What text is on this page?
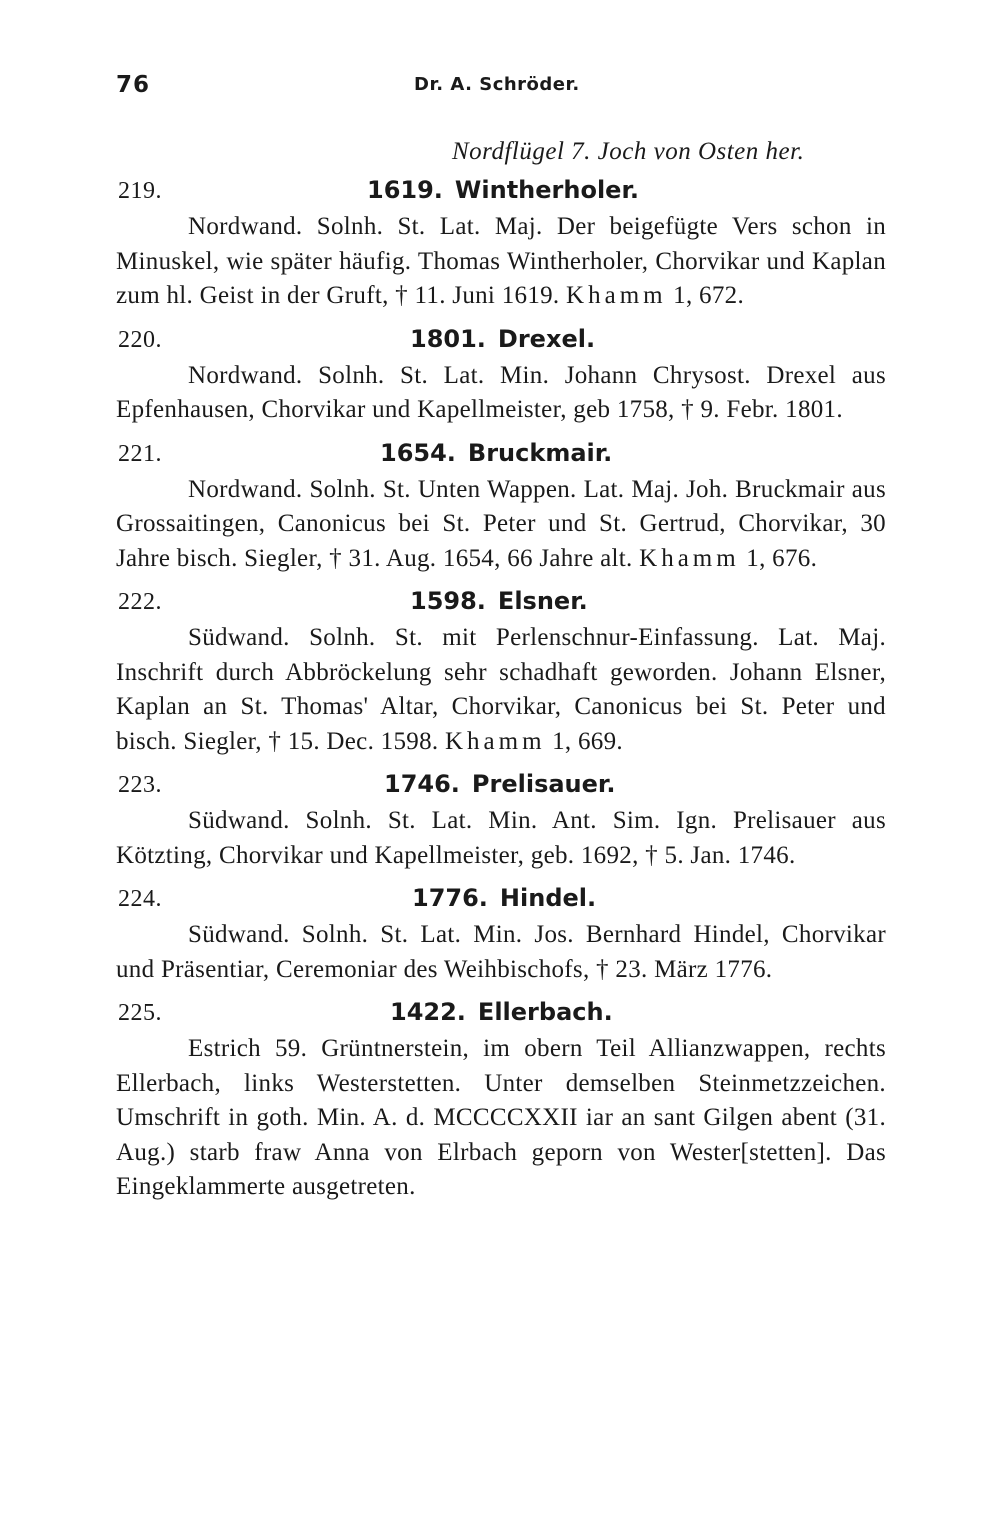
76	Dr. A. Schröder.
Nordflügel 7. Joch von Osten her.
219.	1619. Wintherholer.

Nordwand. Solnh. St. Lat. Maj. Der beigefügte Vers schon in Minuskel, wie später häufig. Thomas Wintherholer, Chorvikar und Kaplan zum hl. Geist in der Gruft, † 11. Juni 1619. Khamm 1, 672.

220.	1801. Drexel.

Nordwand. Solnh. St. Lat. Min. Johann Chrysost. Drexel aus Epfenhausen, Chorvikar und Kapellmeister, geb 1758, † 9. Febr. 1801.

221.	1654. Bruckmair.

Nordwand. Solnh. St. Unten Wappen. Lat. Maj. Joh. Bruckmair aus Grossaitingen, Canonicus bei St. Peter und St. Gertrud, Chorvikar, 30 Jahre bisch. Siegler, † 31. Aug. 1654, 66 Jahre alt. Khamm 1, 676.

222.	1598. Elsner.

Südwand. Solnh. St. mit Perlenschnur-Einfassung. Lat. Maj. Inschrift durch Abbröckelung sehr schadhaft geworden. Johann Elsner, Kaplan an St. Thomas' Altar, Chorvikar, Canonicus bei St. Peter und bisch. Siegler, † 15. Dec. 1598. Khamm 1, 669.

223.	1746. Prelisauer.

Südwand. Solnh. St. Lat. Min. Ant. Sim. Ign. Prelisauer aus Kötzting, Chorvikar und Kapellmeister, geb. 1692, † 5. Jan. 1746.

224.	1776. Hindel.

Südwand. Solnh. St. Lat. Min. Jos. Bernhard Hindel, Chorvikar und Präsentiar, Ceremoniar des Weihbischofs, † 23. März 1776.

225.	1422. Ellerbach.

Estrich 59. Grüntnerstein, im obern Teil Allianzwappen, rechts Ellerbach, links Westerstetten. Unter demselben Steinmetzzeichen. Umschrift in goth. Min. A. d. MCCCCXXII iar an sant Gilgen abent (31. Aug.) starb fraw Anna von Elrbach geporn von Wester[stetten]. Das Eingeklammerte ausgetreten.
